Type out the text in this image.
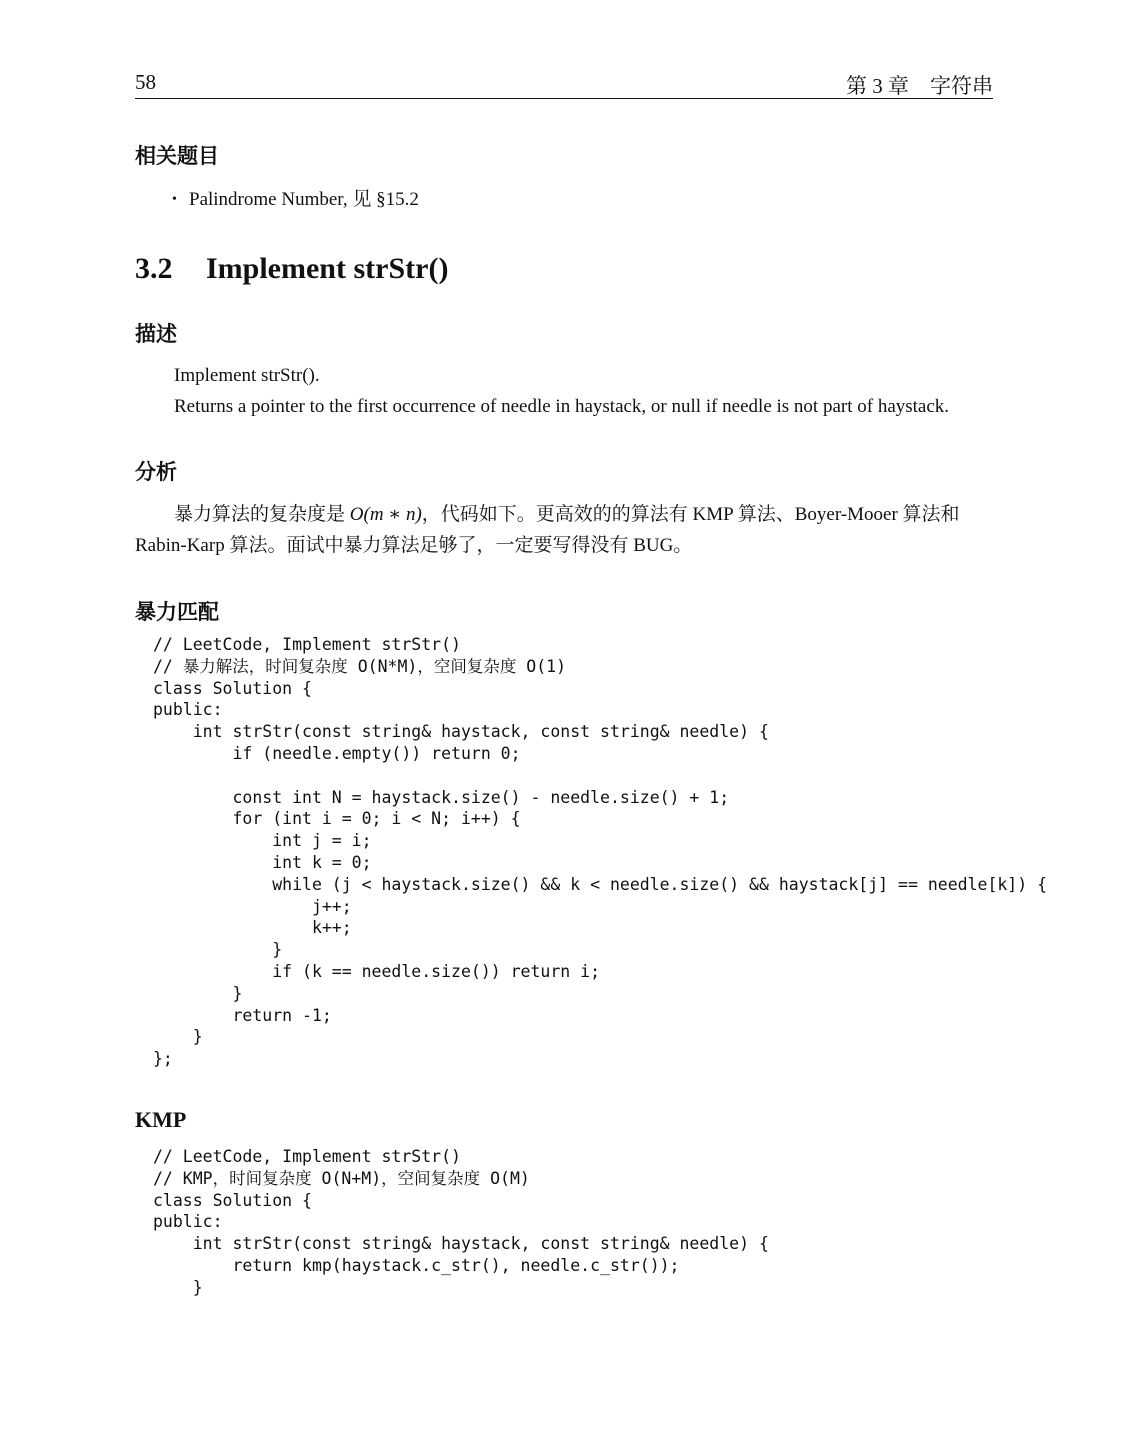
58	第 3 章　字符串
相关题目
• Palindrome Number, 见 §15.2
3.2 Implement strStr()
描述

Implement strStr().

Returns a pointer to the first occurrence of needle in haystack, or null if needle is not part of haystack.

分析

暴力算法的复杂度是 O(m ∗ n)，代码如下。更高效的的算法有 KMP 算法、Boyer-Mooer 算法和

Rabin-Karp 算法。面试中暴力算法足够了，一定要写得没有 BUG。

暴力匹配
// LeetCode, Implement strStr()
// 暴力解法，时间复杂度 O(N*M)，空间复杂度 O(1)
class Solution {
public:
int strStr(const string& haystack, const string& needle) {
if (needle.empty()) return 0;
const int N = haystack.size() - needle.size() + 1;
for (int i = 0; i < N; i++) {
int j = i;
int k = 0;
while (j < haystack.size() && k < needle.size() && haystack[j] == needle[k]) {
j++;
k++;
}
if (k == needle.size()) return i;
}
return -1;
}
};
KMP
// LeetCode, Implement strStr()
// KMP，时间复杂度 O(N+M)，空间复杂度 O(M)
class Solution {
public:
int strStr(const string& haystack, const string& needle) {
return kmp(haystack.c_str(), needle.c_str());
}
